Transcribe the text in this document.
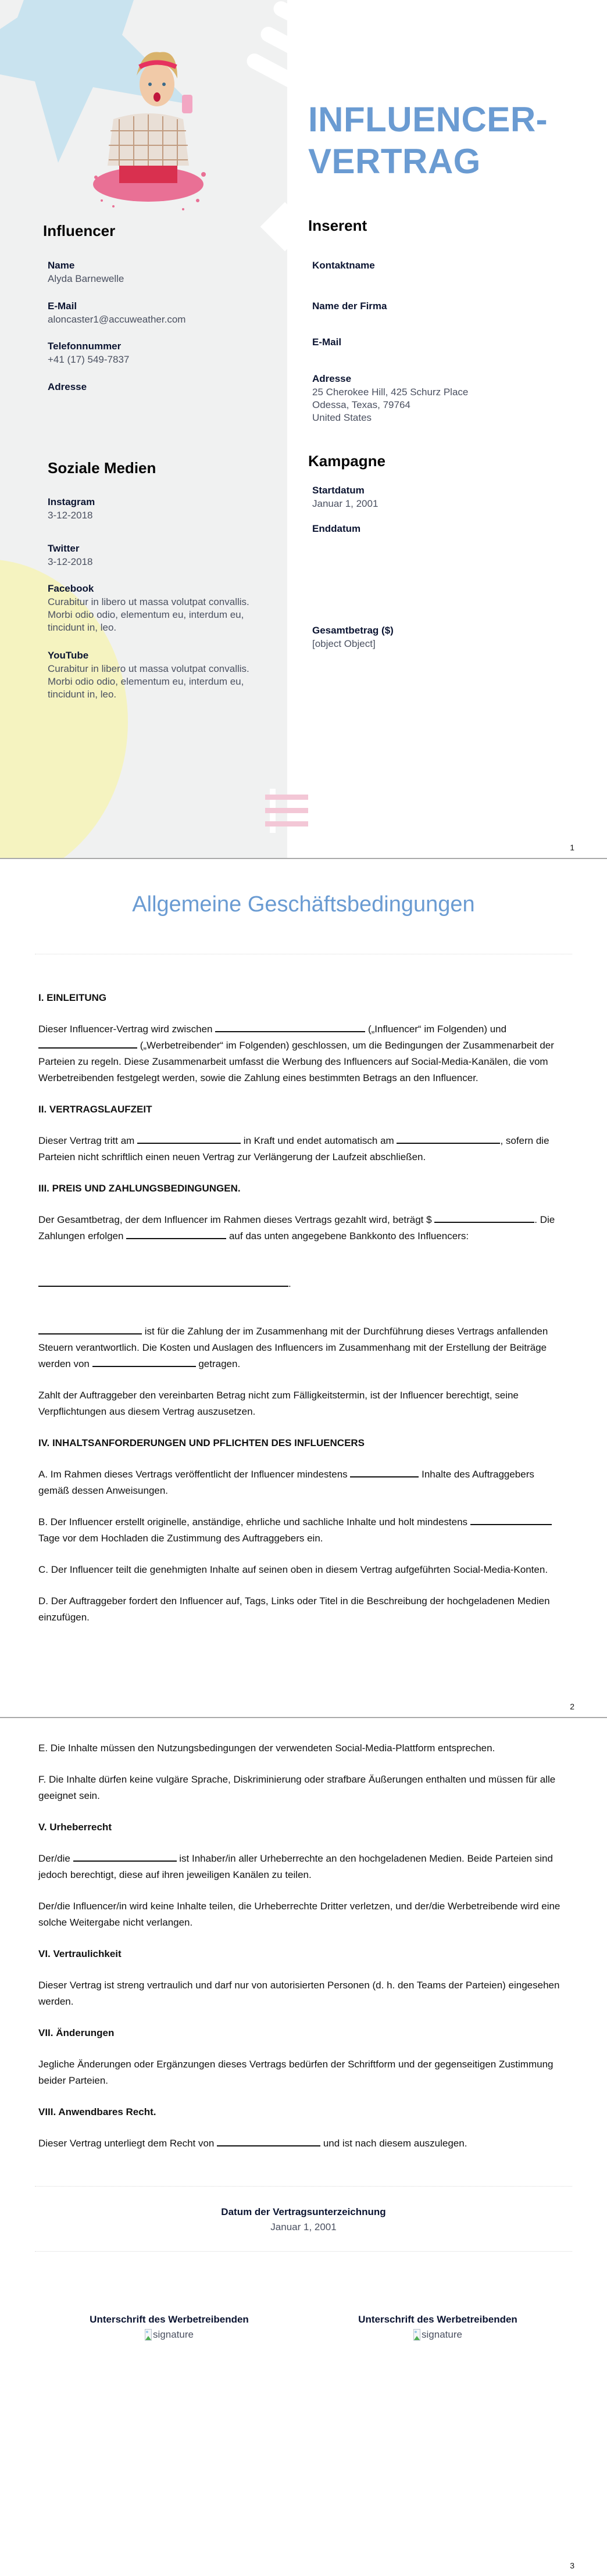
Influencer
Name
Alyda Barnewelle
E-Mail
aloncaster1@accuweather.com
Telefonnummer
+41 (17) 549-7837
Adresse
Soziale Medien
Instagram
3-12-2018
Twitter
3-12-2018
Facebook
Curabitur in libero ut massa volutpat convallis. Morbi odio odio, elementum eu, interdum eu, tincidunt in, leo.
YouTube
Curabitur in libero ut massa volutpat convallis. Morbi odio odio, elementum eu, interdum eu, tincidunt in, leo.
INFLUENCER-
VERTRAG
Inserent
Kontaktname
Name der Firma
E-Mail
Adresse
25 Cherokee Hill, 425 Schurz Place
Odessa, Texas, 79764
United States
Kampagne
Startdatum
Januar 1, 2001
Enddatum
Gesamtbetrag ($)
[object Object]
1
Allgemeine Geschäftsbedingungen
I. EINLEITUNG
Dieser Influencer-Vertrag wird zwischen	(„Influencer“ im Folgenden) und  („Werbetreibender“ im Folgenden) geschlossen, um die Bedingungen der Zusammenarbeit der Parteien zu regeln. Diese Zusammenarbeit umfasst die Werbung des Influencers auf Social-Media-Kanälen, die vom Werbetreibenden festgelegt werden, sowie die Zahlung eines bestimmten Betrags an den Influencer.
II. VERTRAGSLAUFZEIT
Dieser Vertrag tritt am	in Kraft und endet automatisch am	, sofern die Parteien nicht schriftlich einen neuen Vertrag zur Verlängerung der Laufzeit abschließen.
III. PREIS UND ZAHLUNGSBEDINGUNGEN.
Der Gesamtbetrag, der dem Influencer im Rahmen dieses Vertrags gezahlt wird, beträgt $	. Die Zahlungen erfolgen	auf das unten angegebene Bankkonto des Influencers:
.
ist für die Zahlung der im Zusammenhang mit der Durchführung dieses Vertrags anfallenden Steuern verantwortlich. Die Kosten und Auslagen des Influencers im Zusammenhang mit der Erstellung der Beiträge werden von	getragen.
Zahlt der Auftraggeber den vereinbarten Betrag nicht zum Fälligkeitstermin, ist der Influencer berechtigt, seine Verpflichtungen aus diesem Vertrag auszusetzen.
IV. INHALTSANFORDERUNGEN UND PFLICHTEN DES INFLUENCERS
A. Im Rahmen dieses Vertrags veröffentlicht der Influencer mindestens	Inhalte des Auftraggebers gemäß dessen Anweisungen.
B. Der Influencer erstellt originelle, anständige, ehrliche und sachliche Inhalte und holt mindestens  Tage vor dem Hochladen die Zustimmung des Auftraggebers ein.
C. Der Influencer teilt die genehmigten Inhalte auf seinen oben in diesem Vertrag aufgeführten Social-Media-Konten.
D. Der Auftraggeber fordert den Influencer auf, Tags, Links oder Titel in die Beschreibung der hochgeladenen Medien einzufügen.
2
E. Die Inhalte müssen den Nutzungsbedingungen der verwendeten Social-Media-Plattform entsprechen.
F. Die Inhalte dürfen keine vulgäre Sprache, Diskriminierung oder strafbare Äußerungen enthalten und müssen für alle geeignet sein.
V. Urheberrecht
Der/die	ist Inhaber/in aller Urheberrechte an den hochgeladenen Medien. Beide Parteien sind jedoch berechtigt, diese auf ihren jeweiligen Kanälen zu teilen.
Der/die Influencer/in wird keine Inhalte teilen, die Urheberrechte Dritter verletzen, und der/die Werbetreibende wird eine solche Weitergabe nicht verlangen.
VI. Vertraulichkeit
Dieser Vertrag ist streng vertraulich und darf nur von autorisierten Personen (d. h. den Teams der Parteien) eingesehen werden.
VII. Änderungen
Jegliche Änderungen oder Ergänzungen dieses Vertrags bedürfen der Schriftform und der gegenseitigen Zustimmung beider Parteien.
VIII. Anwendbares Recht.
Dieser Vertrag unterliegt dem Recht von	und ist nach diesem auszulegen.
Datum der Vertragsunterzeichnung
Januar 1, 2001
Unterschrift des Werbetreibenden
signature
Unterschrift des Werbetreibenden
signature
3
